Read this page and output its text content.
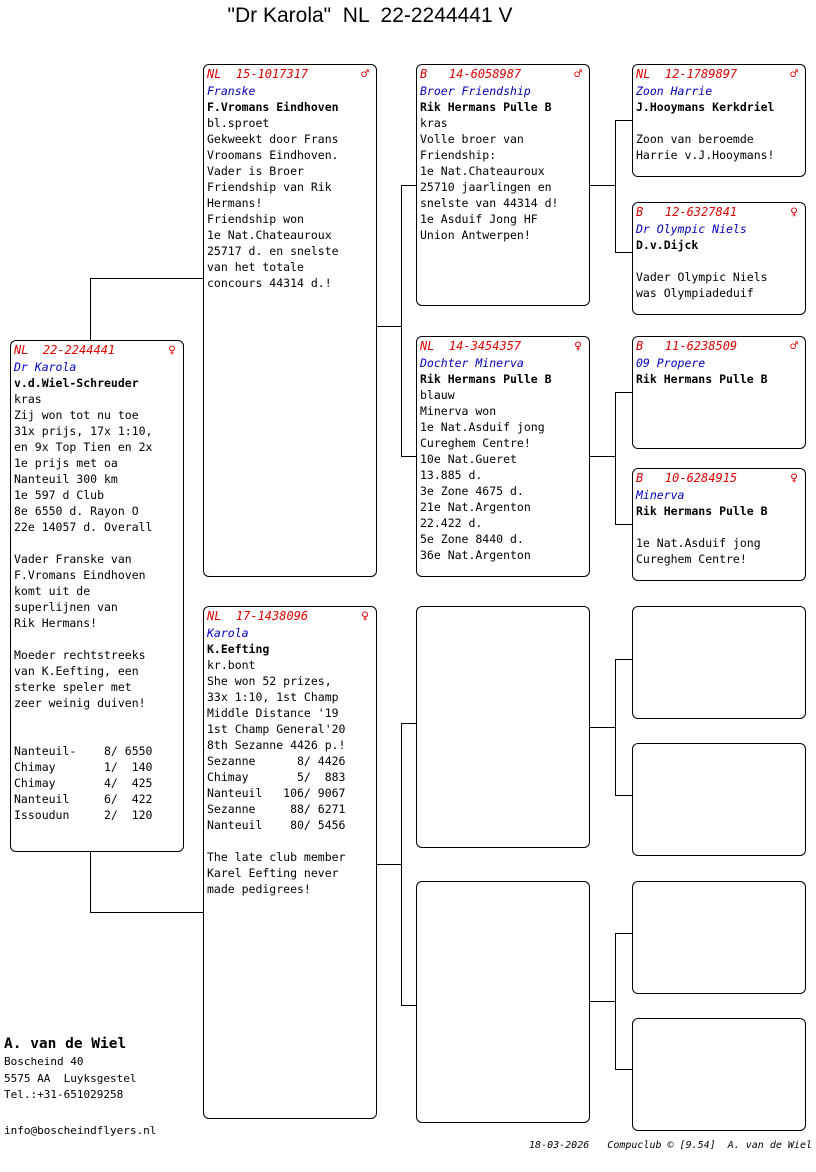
"Dr Karola"  NL  22-2244441 V
NL  22-2244441	♀
Dr Karola
v.d.Wiel-Schreuder
kras
Zij won tot nu toe
31x prijs, 17x 1:10,
en 9x Top Tien en 2x
1e prijs met oa
Nanteuil 300 km
1e 597 d Club
8e 6550 d. Rayon O
22e 14057 d. Overall
Vader Franske van
F.Vromans Eindhoven
komt uit de
superlijnen van
Rik Hermans!
Moeder rechtstreeks
van K.Eefting, een
sterke speler met
zeer weinig duiven!
Nanteuil-    8/ 6550
Chimay       1/  140
Chimay       4/  425
Nanteuil     6/  422
Issoudun     2/  120
NL  15-1017317	♂
Franske
F.Vromans Eindhoven
bl.sproet
Gekweekt door Frans
Vroomans Eindhoven.
Vader is Broer
Friendship van Rik
Hermans!
Friendship won
1e Nat.Chateauroux
25717 d. en snelste
van het totale
concours 44314 d.!
NL  17-1438096	♀
Karola
K.Eefting
kr.bont
She won 52 prizes,
33x 1:10, 1st Champ
Middle Distance '19
1st Champ General'20
8th Sezanne 4426 p.!
Sezanne      8/ 4426
Chimay       5/  883
Nanteuil   106/ 9067
Sezanne     88/ 6271
Nanteuil    80/ 5456
The late club member
Karel Eefting never
made pedigrees!
B   14-6058987	♂
Broer Friendship
Rik Hermans Pulle B
kras
Volle broer van
Friendship:
1e Nat.Chateauroux
25710 jaarlingen en
snelste van 44314 d!
1e Asduif Jong HF
Union Antwerpen!
NL  14-3454357	♀
Dochter Minerva
Rik Hermans Pulle B
blauw
Minerva won
1e Nat.Asduif jong
Cureghem Centre!
10e Nat.Gueret
13.885 d.
3e Zone 4675 d.
21e Nat.Argenton
22.422 d.
5e Zone 8440 d.
36e Nat.Argenton
NL  12-1789897	♂
Zoon Harrie
J.Hooymans Kerkdriel
Zoon van beroemde
Harrie v.J.Hooymans!
B   12-6327841	♀
Dr Olympic Niels
D.v.Dijck
Vader Olympic Niels
was Olympiadeduif
B   11-6238509	♂
09 Propere
Rik Hermans Pulle B
B   10-6284915	♀
Minerva
Rik Hermans Pulle B
1e Nat.Asduif jong
Cureghem Centre!
A. van de Wiel
Boscheind 40
5575 AA  Luyksgestel
Tel.:+31-651029258
info@boscheindflyers.nl
18-03-2026   Compuclub © [9.54]  A. van de Wiel
